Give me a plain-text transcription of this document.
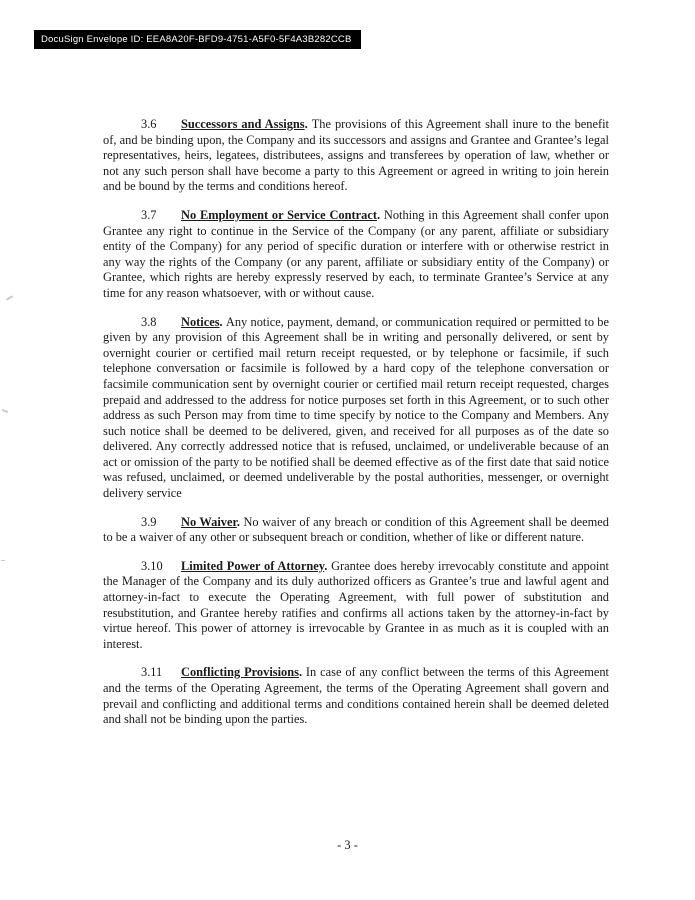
DocuSign Envelope ID: EEA8A20F-BFD9-4751-A5F0-5F4A3B282CCB

3.6 Successors and Assigns. The provisions of this Agreement shall inure to the benefit of, and be binding upon, the Company and its successors and assigns and Grantee and Grantee’s legal representatives, heirs, legatees, distributees, assigns and transferees by operation of law, whether or not any such person shall have become a party to this Agreement or agreed in writing to join herein and be bound by the terms and conditions hereof.

3.7 No Employment or Service Contract. Nothing in this Agreement shall confer upon Grantee any right to continue in the Service of the Company (or any parent, affiliate or subsidiary entity of the Company) for any period of specific duration or interfere with or otherwise restrict in any way the rights of the Company (or any parent, affiliate or subsidiary entity of the Company) or Grantee, which rights are hereby expressly reserved by each, to terminate Grantee’s Service at any time for any reason whatsoever, with or without cause.

3.8 Notices. Any notice, payment, demand, or communication required or permitted to be given by any provision of this Agreement shall be in writing and personally delivered, or sent by overnight courier or certified mail return receipt requested, or by telephone or facsimile, if such telephone conversation or facsimile is followed by a hard copy of the telephone conversation or facsimile communication sent by overnight courier or certified mail return receipt requested, charges prepaid and addressed to the address for notice purposes set forth in this Agreement, or to such other address as such Person may from time to time specify by notice to the Company and Members. Any such notice shall be deemed to be delivered, given, and received for all purposes as of the date so delivered. Any correctly addressed notice that is refused, unclaimed, or undeliverable because of an act or omission of the party to be notified shall be deemed effective as of the first date that said notice was refused, unclaimed, or deemed undeliverable by the postal authorities, messenger, or overnight delivery service

3.9 No Waiver. No waiver of any breach or condition of this Agreement shall be deemed to be a waiver of any other or subsequent breach or condition, whether of like or different nature.

3.10 Limited Power of Attorney. Grantee does hereby irrevocably constitute and appoint the Manager of the Company and its duly authorized officers as Grantee’s true and lawful agent and attorney-in-fact to execute the Operating Agreement, with full power of substitution and resubstitution, and Grantee hereby ratifies and confirms all actions taken by the attorney-in-fact by virtue hereof. This power of attorney is irrevocable by Grantee in as much as it is coupled with an interest.

3.11 Conflicting Provisions. In case of any conflict between the terms of this Agreement and the terms of the Operating Agreement, the terms of the Operating Agreement shall govern and prevail and conflicting and additional terms and conditions contained herein shall be deemed deleted and shall not be binding upon the parties.

- 3 -
